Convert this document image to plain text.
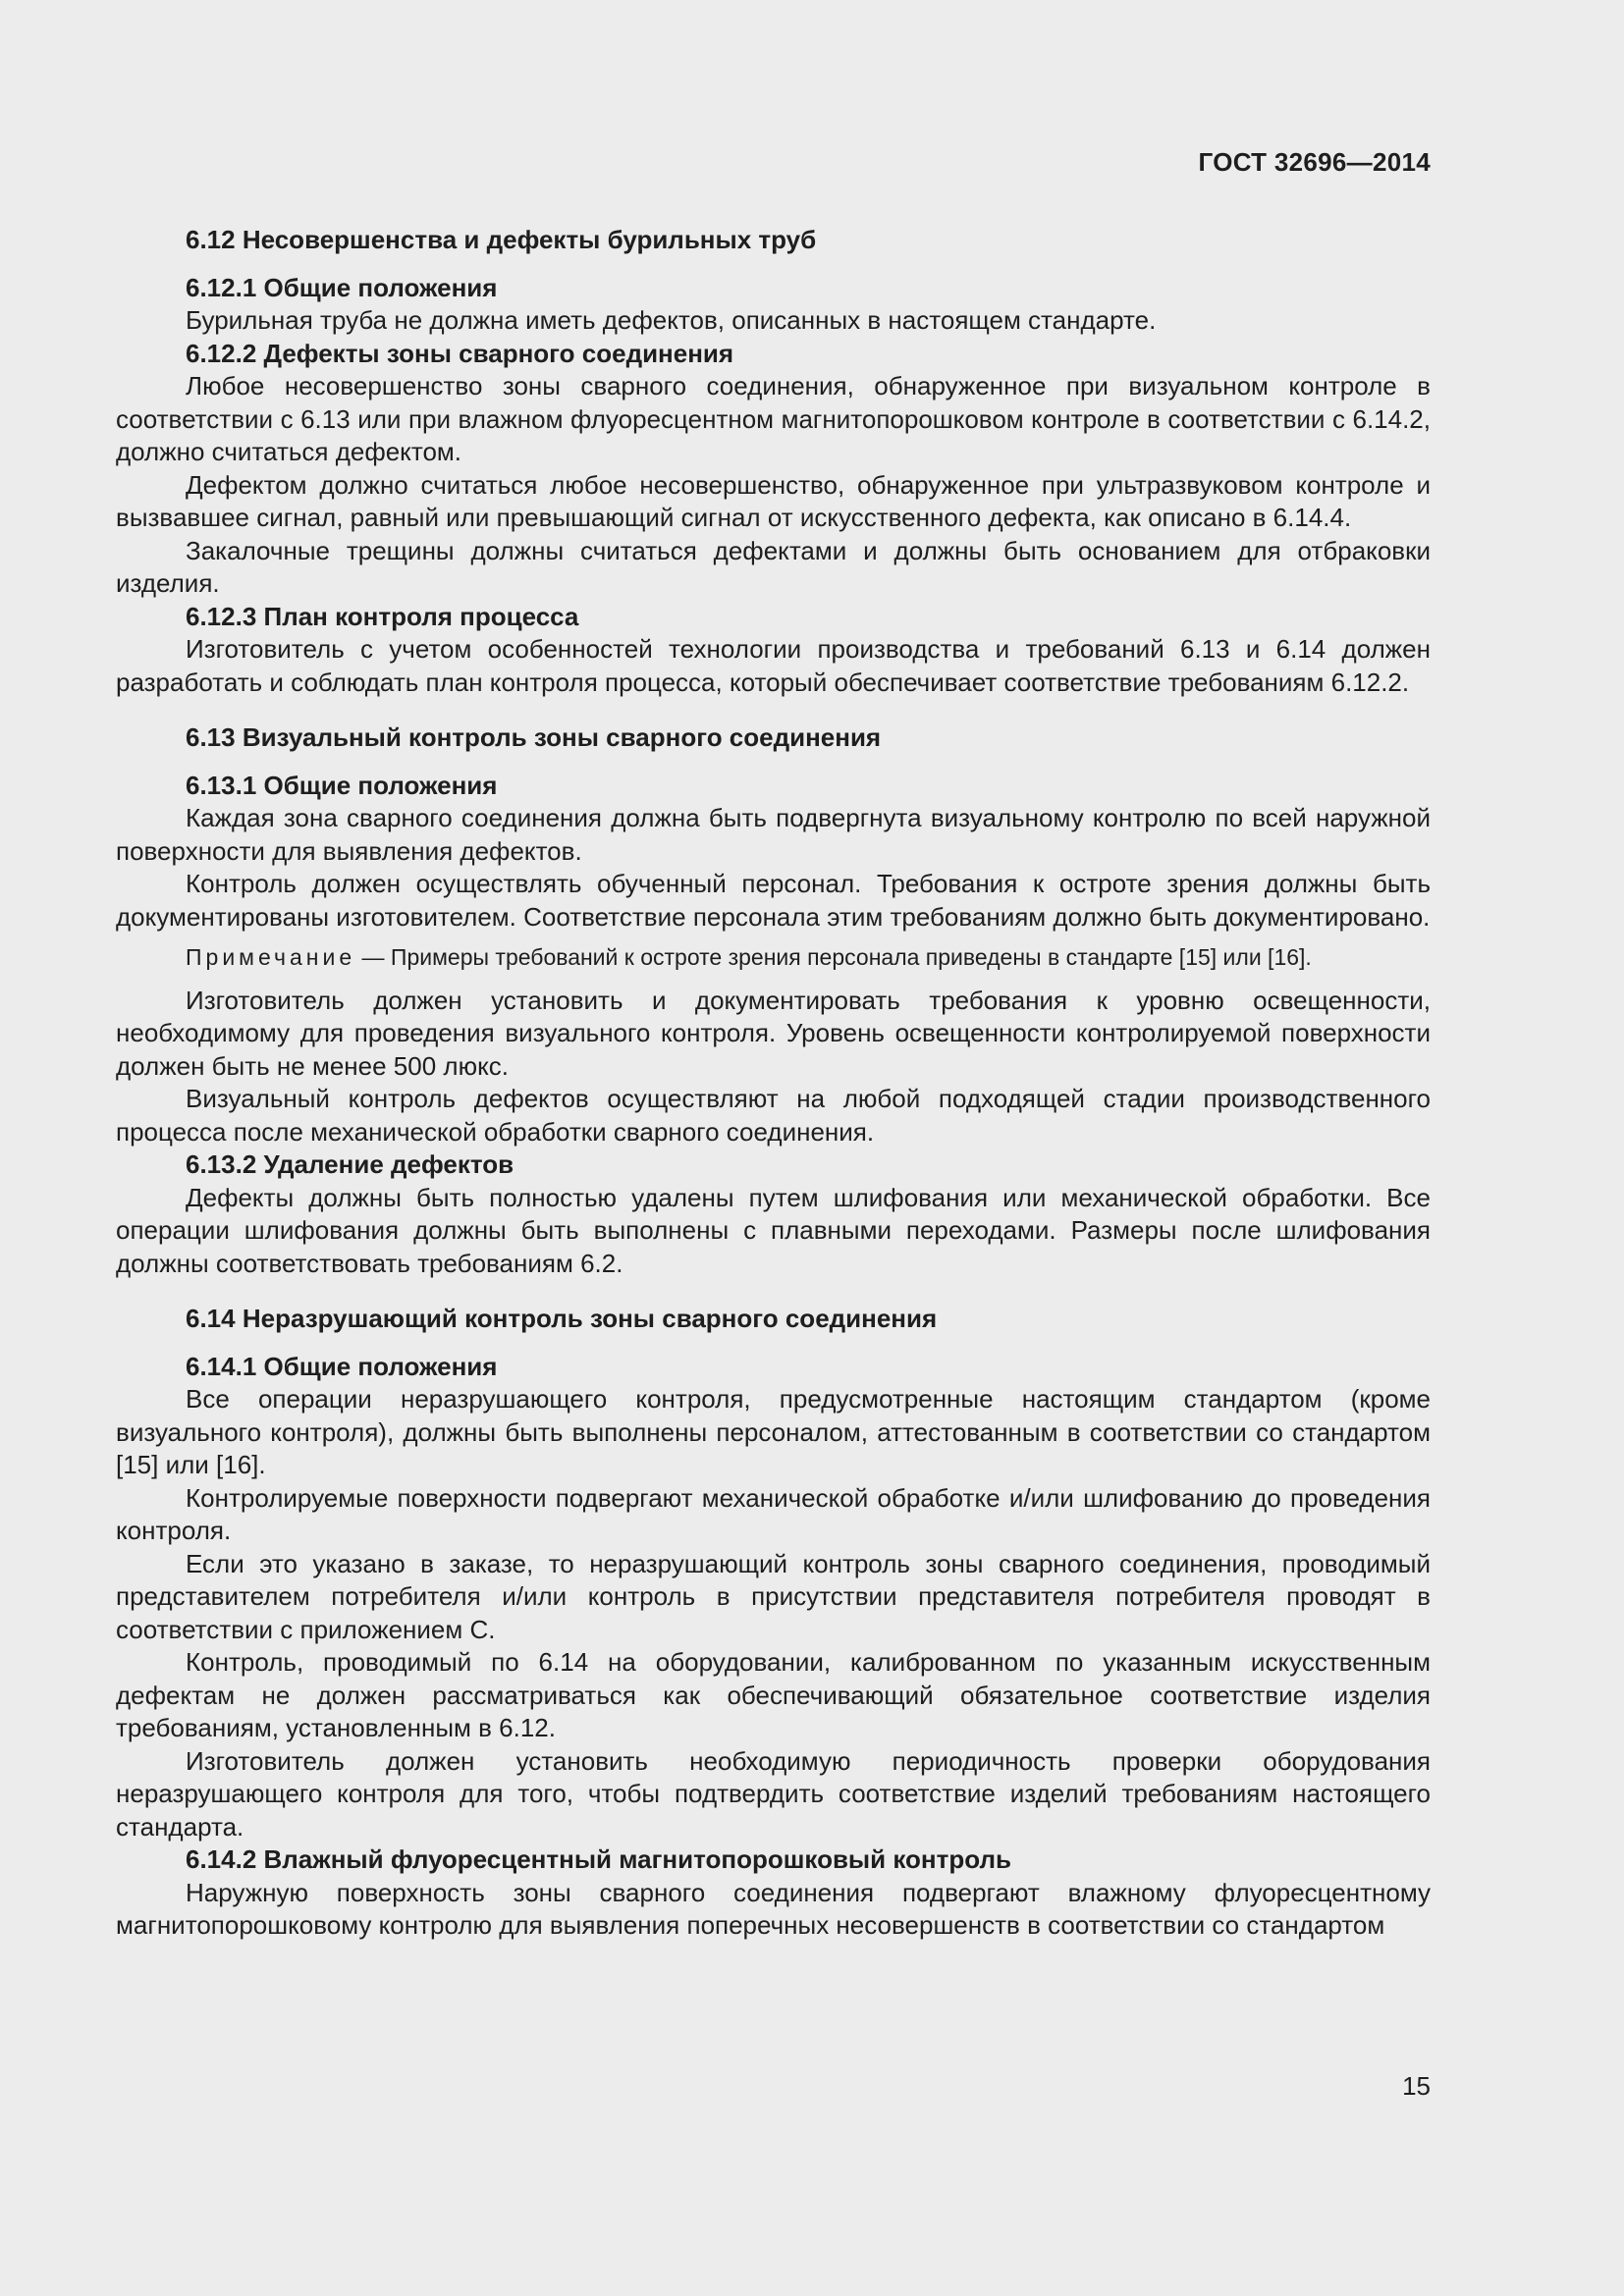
ГОСТ 32696—2014
6.12 Несовершенства и дефекты бурильных труб
6.12.1 Общие положения

Бурильная труба не должна иметь дефектов, описанных в настоящем стандарте.

6.12.2 Дефекты зоны сварного соединения

Любое несовершенство зоны сварного соединения, обнаруженное при визуальном контроле в соответствии с 6.13 или при влажном флуоресцентном магнитопорошковом контроле в соответствии с 6.14.2, должно считаться дефектом.

Дефектом должно считаться любое несовершенство, обнаруженное при ультразвуковом контроле и вызвавшее сигнал, равный или превышающий сигнал от искусственного дефекта, как описано в 6.14.4.

Закалочные трещины должны считаться дефектами и должны быть основанием для отбраковки изделия.

6.12.3 План контроля процесса

Изготовитель с учетом особенностей технологии производства и требований 6.13 и 6.14 должен разработать и соблюдать план контроля процесса, который обеспечивает соответствие требованиям 6.12.2.

6.13 Визуальный контроль зоны сварного соединения
6.13.1 Общие положения

Каждая зона сварного соединения должна быть подвергнута визуальному контролю по всей наружной поверхности для выявления дефектов.

Контроль должен осуществлять обученный персонал. Требования к остроте зрения должны быть документированы изготовителем. Соответствие персонала этим требованиям должно быть документировано.

Примечание — Примеры требований к остроте зрения персонала приведены в стандарте [15] или [16].

Изготовитель должен установить и документировать требования к уровню освещенности, необходимому для проведения визуального контроля. Уровень освещенности контролируемой поверхности должен быть не менее 500 люкс.

Визуальный контроль дефектов осуществляют на любой подходящей стадии производственного процесса после механической обработки сварного соединения.

6.13.2 Удаление дефектов

Дефекты должны быть полностью удалены путем шлифования или механической обработки. Все операции шлифования должны быть выполнены с плавными переходами. Размеры после шлифования должны соответствовать требованиям 6.2.

6.14 Неразрушающий контроль зоны сварного соединения
6.14.1 Общие положения

Все операции неразрушающего контроля, предусмотренные настоящим стандартом (кроме визуального контроля), должны быть выполнены персоналом, аттестованным в соответствии со стандартом [15] или [16].

Контролируемые поверхности подвергают механической обработке и/или шлифованию до проведения контроля.

Если это указано в заказе, то неразрушающий контроль зоны сварного соединения, проводимый представителем потребителя и/или контроль в присутствии представителя потребителя проводят в соответствии с приложением С.

Контроль, проводимый по 6.14 на оборудовании, калиброванном по указанным искусственным дефектам не должен рассматриваться как обеспечивающий обязательное соответствие изделия требованиям, установленным в 6.12.

Изготовитель должен установить необходимую периодичность проверки оборудования неразрушающего контроля для того, чтобы подтвердить соответствие изделий требованиям настоящего стандарта.

6.14.2 Влажный флуоресцентный магнитопорошковый контроль

Наружную поверхность зоны сварного соединения подвергают влажному флуоресцентному магнитопорошковому контролю для выявления поперечных несовершенств в соответствии со стандартом

15
